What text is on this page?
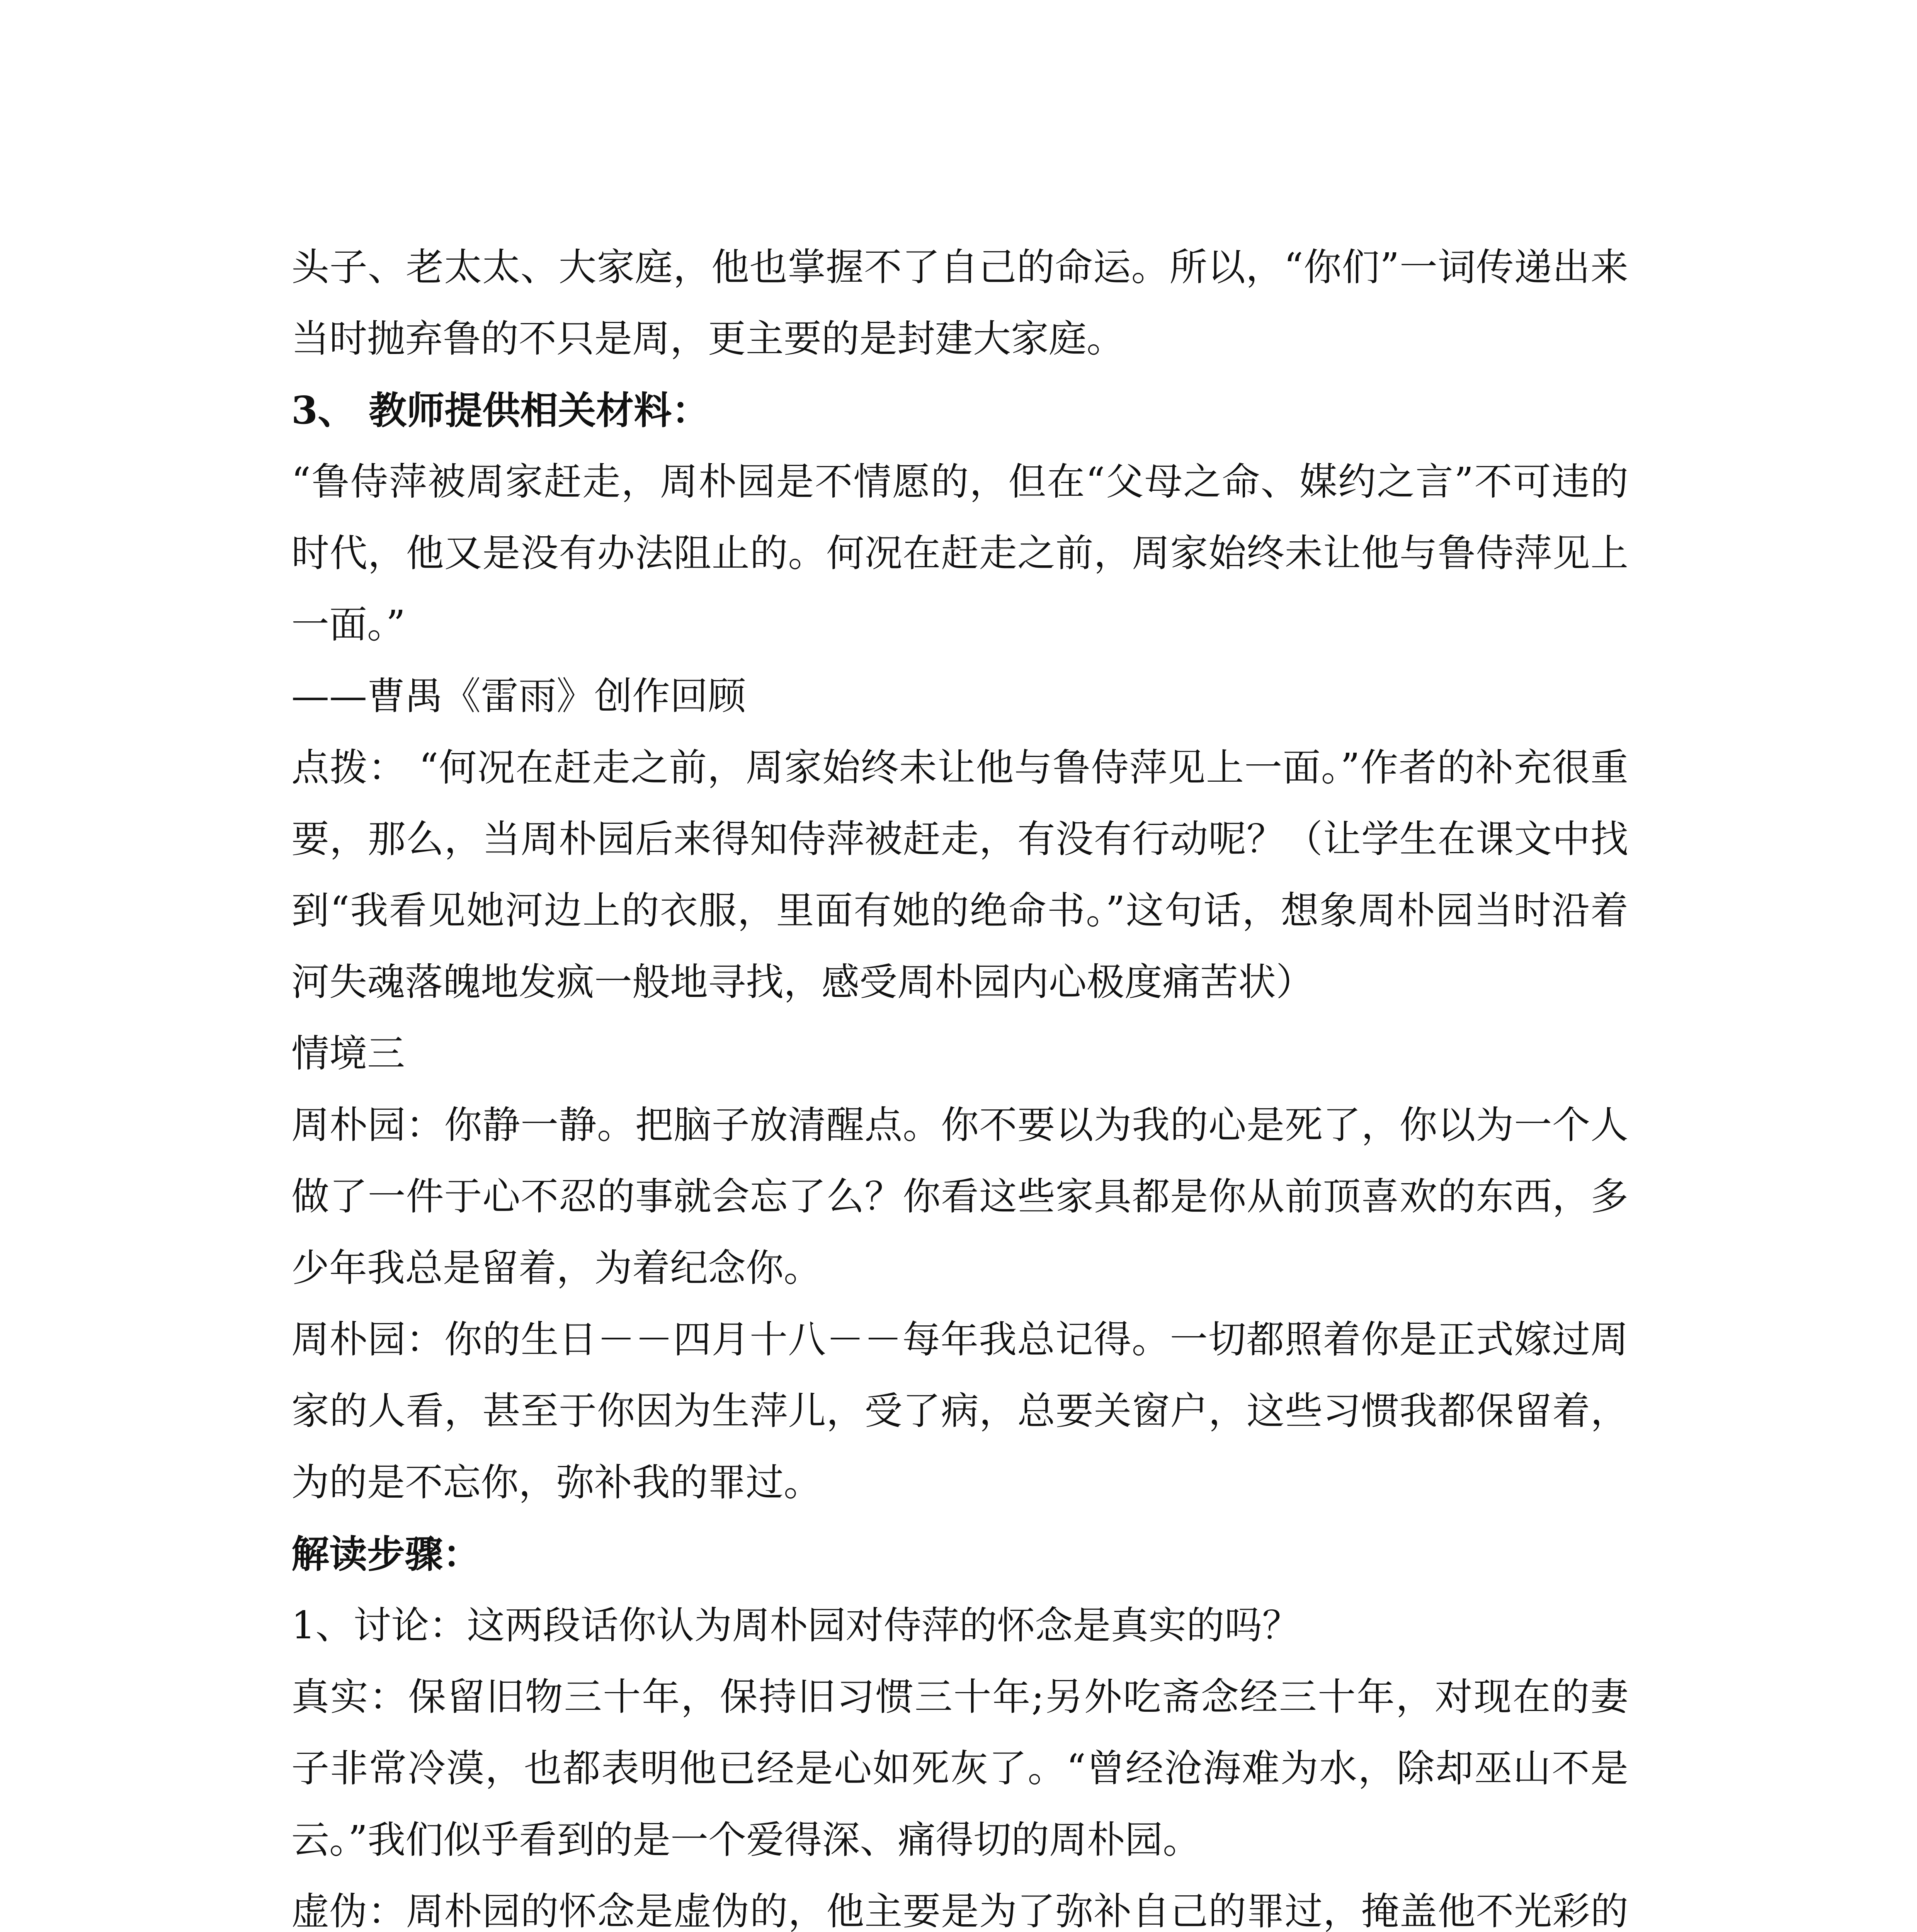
头子、老太太、大家庭，他也掌握不了自己的命运。所以，“你们”一词传递出来当时抛弃鲁的不只是周，更主要的是封建大家庭。

3、 教师提供相关材料：

“鲁侍萍被周家赶走，周朴园是不情愿的，但在“父母之命、媒约之言”不可违的时代，他又是没有办法阻止的。何况在赶走之前，周家始终未让他与鲁侍萍见上一面。”

——曹禺《雷雨》创作回顾

点拨： “何况在赶走之前，周家始终未让他与鲁侍萍见上一面。”作者的补充很重要，那么，当周朴园后来得知侍萍被赶走，有没有行动呢？（让学生在课文中找到“我看见她河边上的衣服，里面有她的绝命书。”这句话，想象周朴园当时沿着河失魂落魄地发疯一般地寻找，感受周朴园内心极度痛苦状）

情境三

周朴园：你静一静。把脑子放清醒点。你不要以为我的心是死了，你以为一个人做了一件于心不忍的事就会忘了么？你看这些家具都是你从前顶喜欢的东西，多少年我总是留着，为着纪念你。

周朴园：你的生日－－四月十八－－每年我总记得。一切都照着你是正式嫁过周家的人看，甚至于你因为生萍儿，受了病，总要关窗户，这些习惯我都保留着，为的是不忘你，弥补我的罪过。

解读步骤：

1、讨论：这两段话你认为周朴园对侍萍的怀念是真实的吗？

真实：保留旧物三十年，保持旧习惯三十年;另外吃斋念经三十年，对现在的妻子非常冷漠，也都表明他已经是心如死灰了。“曾经沧海难为水，除却巫山不是云。”我们似乎看到的是一个爱得深、痛得切的周朴园。

虚伪：周朴园的怀念是虚伪的，他主要是为了弥补自己的罪过，掩盖他不光彩的
